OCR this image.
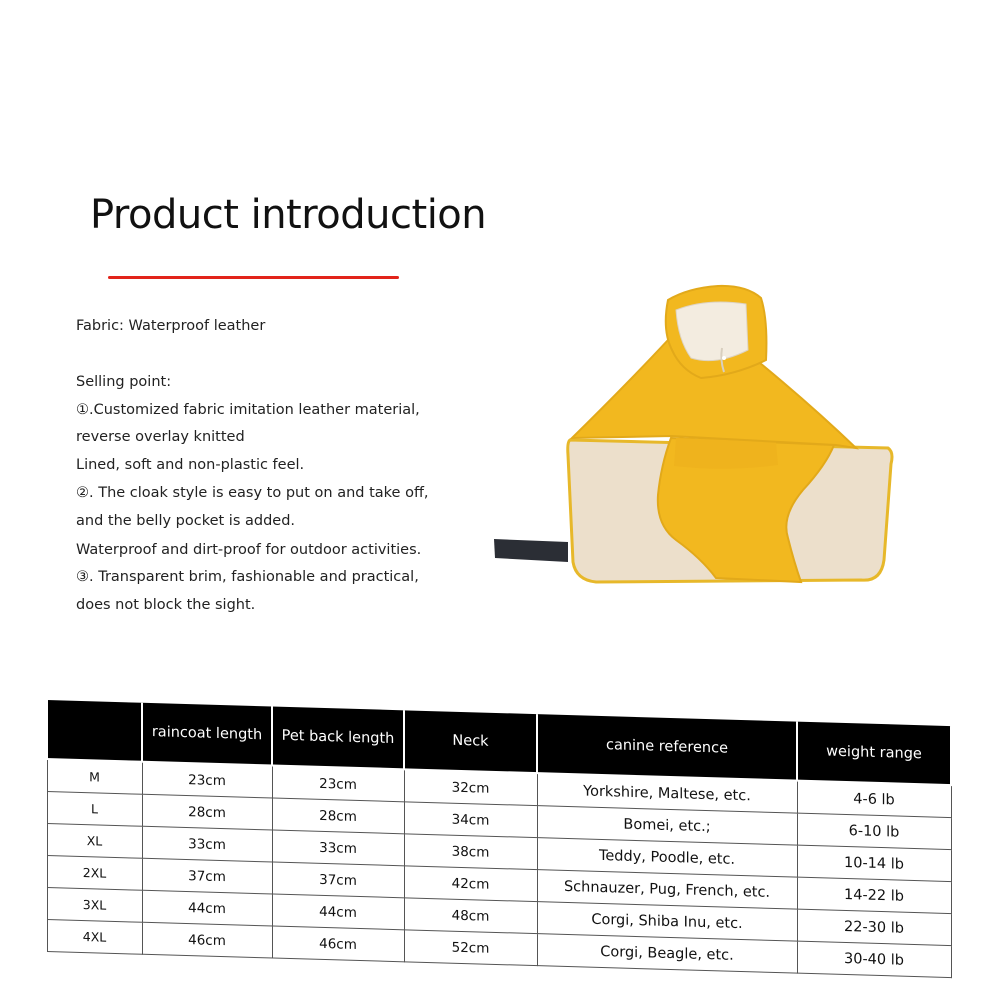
Product introduction
Fabric: Waterproof leather
Selling point:
①.Customized fabric imitation leather material,
reverse overlay knitted
Lined, soft and non-plastic feel.
②. The cloak style is easy to put on and take off,
and the belly pocket is added.
Waterproof and dirt-proof for outdoor activities.
③. Transparent brim, fashionable and practical,
does not block the sight.
	raincoat length	Pet back length	Neck	canine reference	weight range
M	23cm	23cm	32cm	Yorkshire, Maltese, etc.	4-6 lb
L	28cm	28cm	34cm	Bomei, etc.;	6-10 lb
XL	33cm	33cm	38cm	Teddy, Poodle, etc.	10-14 lb
2XL	37cm	37cm	42cm	Schnauzer, Pug, French, etc.	14-22 lb
3XL	44cm	44cm	48cm	Corgi, Shiba Inu, etc.	22-30 lb
4XL	46cm	46cm	52cm	Corgi, Beagle, etc.	30-40 lb
